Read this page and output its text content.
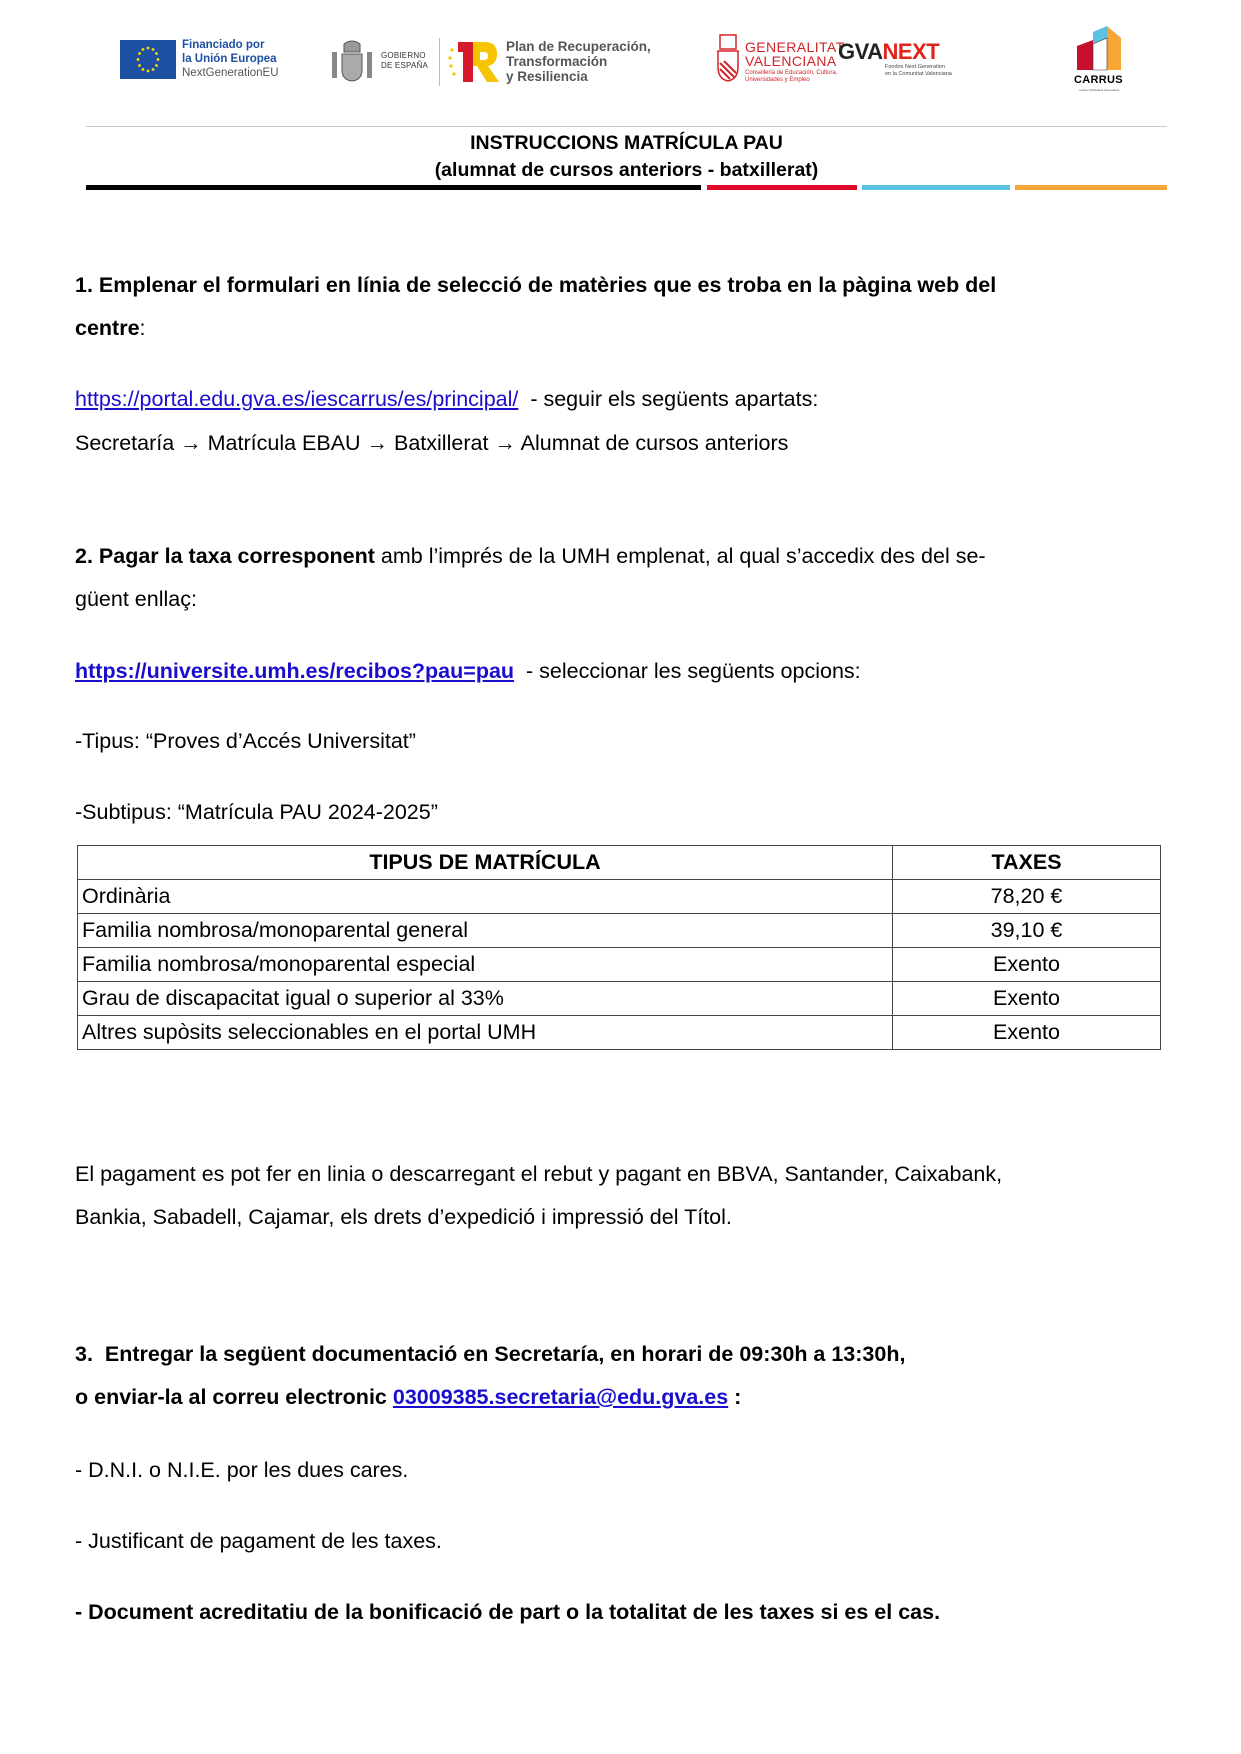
Financiado por
la Unión Europea
NextGenerationEU
GOBIERNO
DE ESPAÑA
Plan de Recuperación,
Transformación
y Resiliencia
GENERALITAT
VALENCIANA
Conselleria de Educación, Cultura,
Universidades y Empleo
GVANEXT
Fondos Next Generation
en la Comunitat Valenciana	CARRUS
Institut d'Educació Secundària
INSTRUCCIONS MATRÍCULA PAU
(alumnat de cursos anteriors - batxillerat)
1. Emplenar el formulari en línia de selecció de matèries que es troba en la pàgina web del
centre:
https://portal.edu.gva.es/iescarrus/es/principal/  - seguir els següents apartats:
Secretaría → Matrícula EBAU → Batxillerat → Alumnat de cursos anteriors
2. Pagar la taxa corresponent amb l’imprés de la UMH emplenat, al qual s’accedix des del se-
güent enllaç:
https://universite.umh.es/recibos?pau=pau  - seleccionar les següents opcions:
-Tipus: “Proves d’Accés Universitat”
-Subtipus: “Matrícula PAU 2024-2025”
TIPUS DE MATRÍCULA	TAXES
Ordinària	78,20 €
Familia nombrosa/monoparental general	39,10 €
Familia nombrosa/monoparental especial	Exento
Grau de discapacitat igual o superior al 33%	Exento
Altres supòsits seleccionables en el portal UMH	Exento
El pagament es pot fer en linia o descarregant el rebut y pagant en BBVA, Santander, Caixabank,
Bankia, Sabadell, Cajamar, els drets d’expedició i impressió del Títol.
3.  Entregar la següent documentació en Secretaría, en horari de 09:30h a 13:30h,
o enviar-la al correu electronic 03009385.secretaria@edu.gva.es :
- D.N.I. o N.I.E. por les dues cares.
- Justificant de pagament de les taxes.
- Document acreditatiu de la bonificació de part o la totalitat de les taxes si es el cas.
